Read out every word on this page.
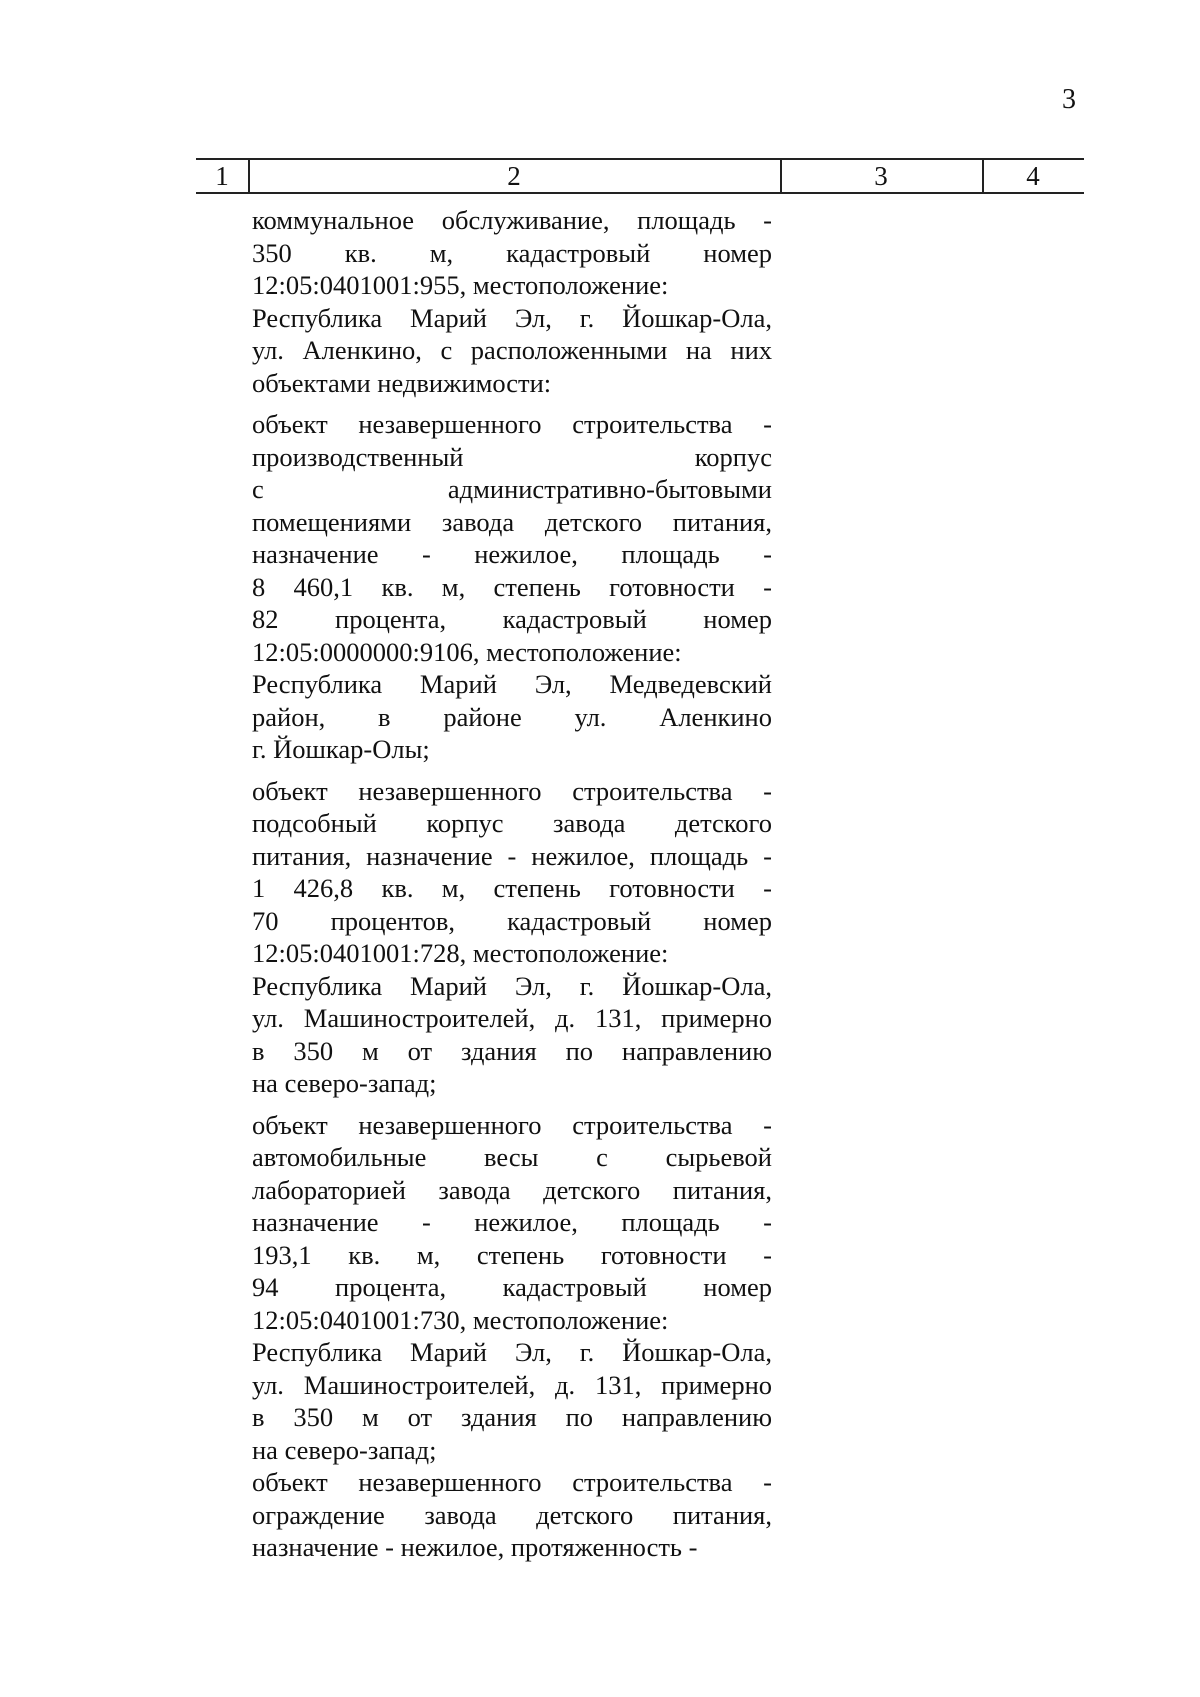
3
1	2	3	4
коммунальное обслуживание, площадь -
350 кв. м, кадастровый номер
12:05:0401001:955, местоположение:
Республика Марий Эл, г. Йошкар-Ола,
ул. Аленкино, с расположенными на них
объектами недвижимости:
объект незавершенного строительства -
производственный корпус
с административно-бытовыми
помещениями завода детского питания,
назначение - нежилое, площадь -
8 460,1 кв. м, степень готовности -
82 процента, кадастровый номер
12:05:0000000:9106, местоположение:
Республика Марий Эл, Медведевский
район, в районе ул. Аленкино
г. Йошкар-Олы;
объект незавершенного строительства -
подсобный корпус завода детского
питания, назначение - нежилое, площадь -
1 426,8 кв. м, степень готовности -
70 процентов, кадастровый номер
12:05:0401001:728, местоположение:
Республика Марий Эл, г. Йошкар-Ола,
ул. Машиностроителей, д. 131, примерно
в 350 м от здания по направлению
на северо-запад;
объект незавершенного строительства -
автомобильные весы с сырьевой
лабораторией завода детского питания,
назначение - нежилое, площадь -
193,1 кв. м, степень готовности -
94 процента, кадастровый номер
12:05:0401001:730, местоположение:
Республика Марий Эл, г. Йошкар-Ола,
ул. Машиностроителей, д. 131, примерно
в 350 м от здания по направлению
на северо-запад;
объект незавершенного строительства -
ограждение завода детского питания,
назначение - нежилое, протяженность -
